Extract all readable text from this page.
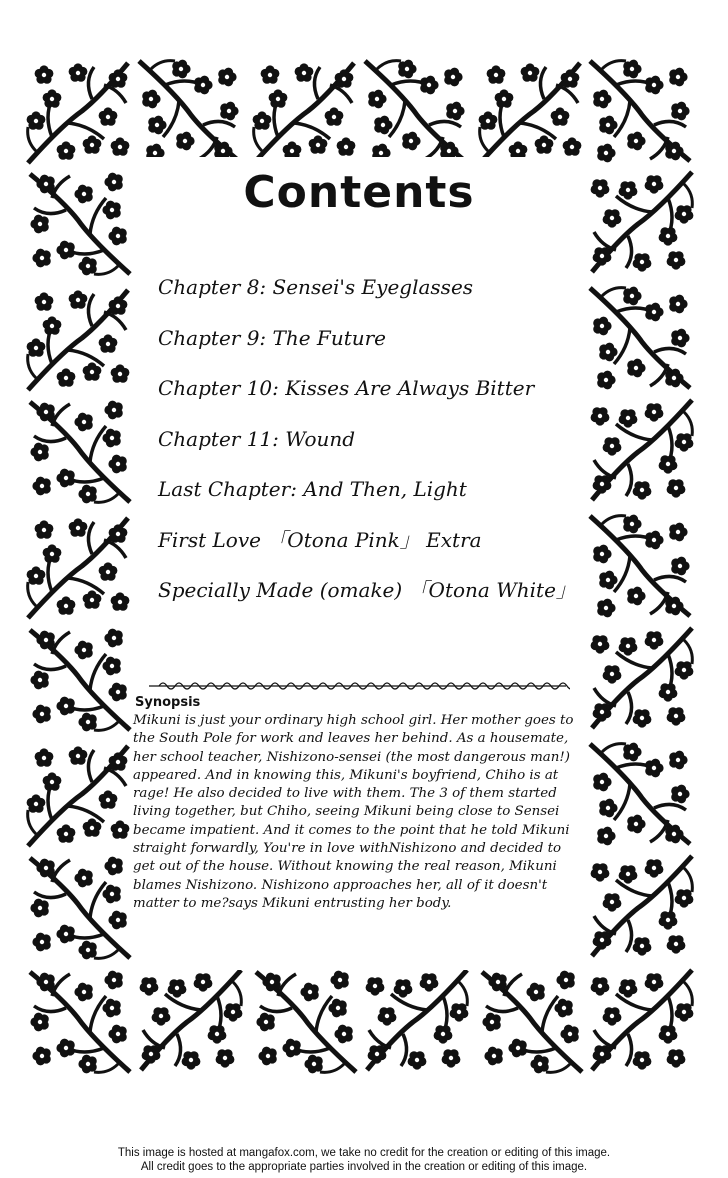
Contents
Chapter 8: Sensei's Eyeglasses
Chapter 9: The Future
Chapter 10: Kisses Are Always Bitter
Chapter 11: Wound
Last Chapter: And Then, Light
First Love 「Otona Pink」 Extra
Specially Made (omake) 「Otona White」
Synopsis

Mikuni is just your ordinary high school girl. Her mother goes to the South Pole for work and leaves her behind. As a housemate, her school teacher, Nishizono-sensei (the most dangerous man!) appeared. And in knowing this, Mikuni's boyfriend, Chiho is at rage! He also decided to live with them. The 3 of them started living together, but Chiho, seeing Mikuni being close to Sensei became impatient. And it comes to the point that he told Mikuni straight forwardly, You're in love withNishizono and decided to get out of the house. Without knowing the real reason, Mikuni blames Nishizono. Nishizono approaches her, all of it doesn't matter to me?says Mikuni entrusting her body.

This image is hosted at mangafox.com, we take no credit for the creation or editing of this image.
All credit goes to the appropriate parties involved in the creation or editing of this image.
